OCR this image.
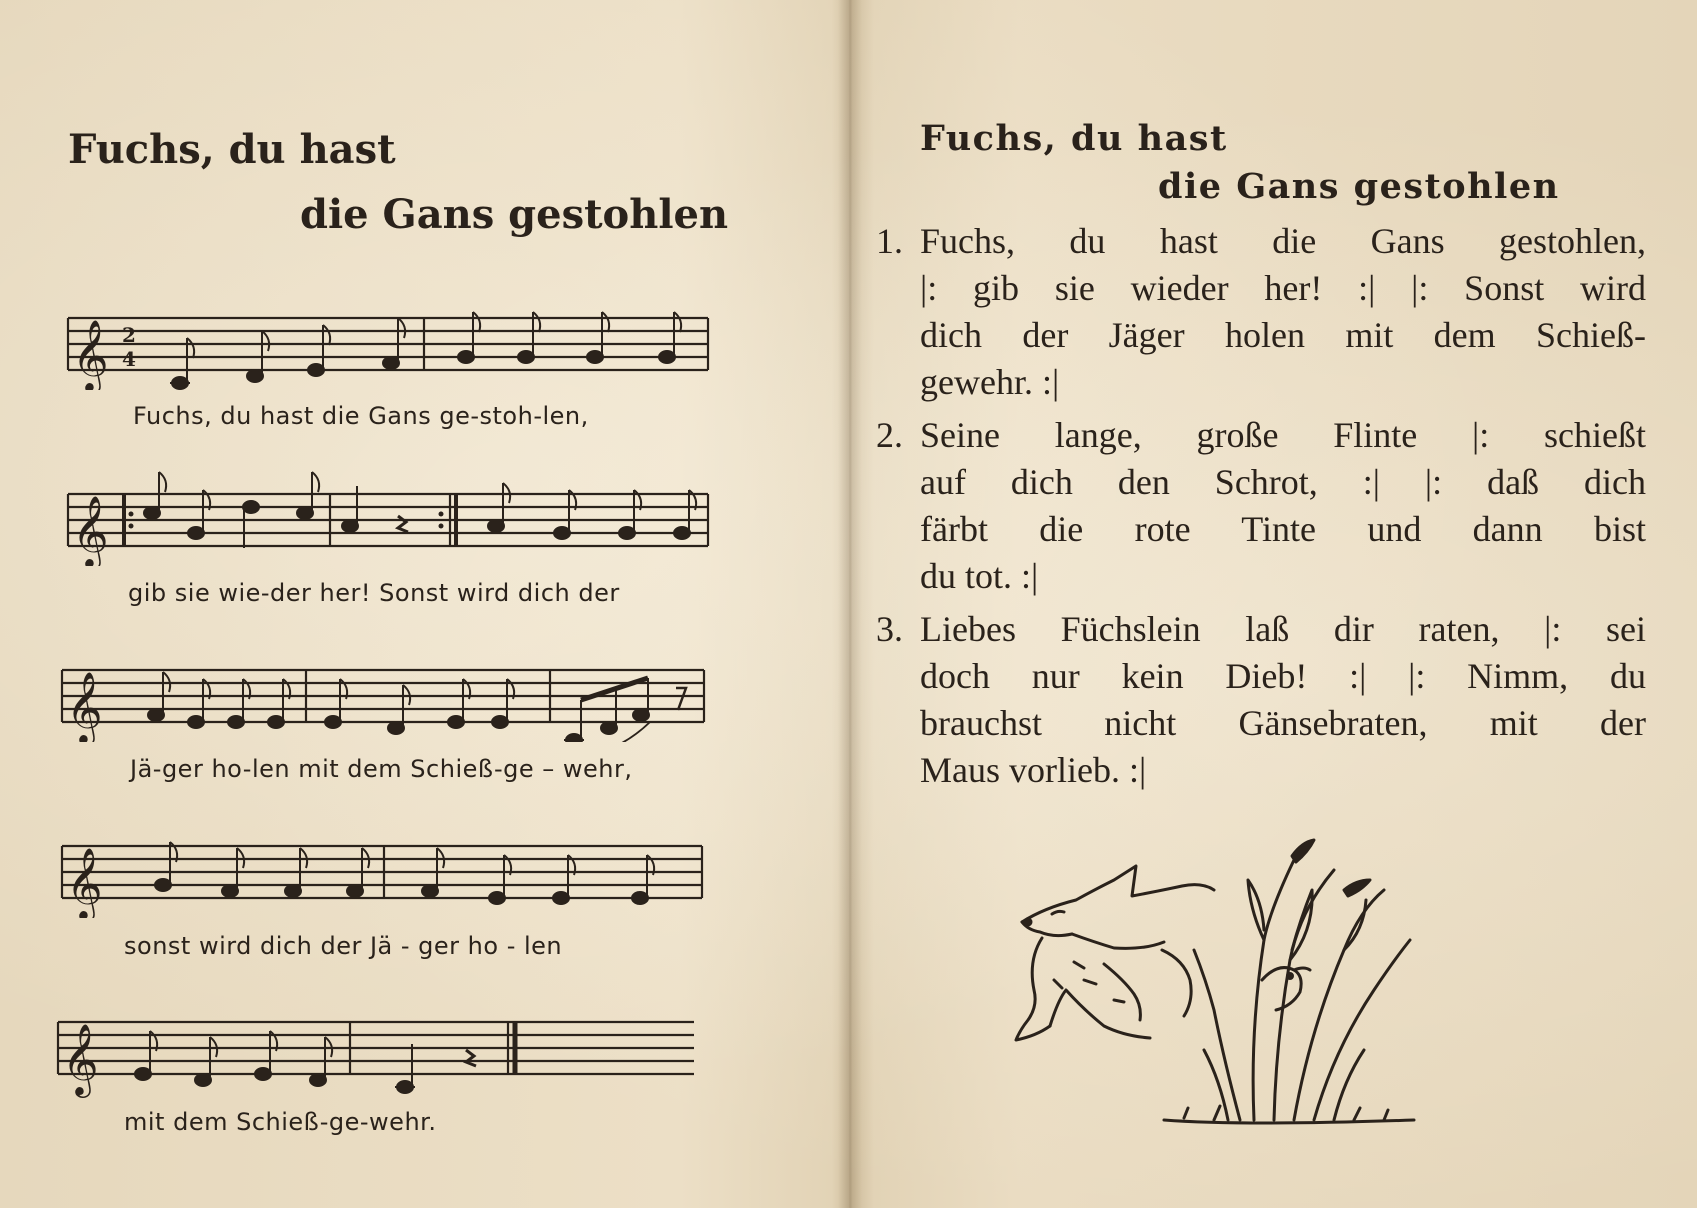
Fuchs, du hast
die Gans gestohlen
𝄞 2
4
Fuchs, du hast die Gans ge-stoh-len,
𝄞
gib sie wie-der her! Sonst wird dich der
𝄞
Jä-ger ho-len mit dem Schieß-ge – wehr,
𝄞
sonst wird dich der Jä - ger ho - len
𝄞
mit dem Schieß-ge-wehr.
Fuchs, du hast
die Gans gestohlen
1. Fuchs, du hast die Gans gestohlen,
|: gib sie wieder her! :| |: Sonst wird
dich der Jäger holen mit dem Schieß-
gewehr. :|
2. Seine lange, große Flinte |: schießt
auf dich den Schrot, :| |: daß dich
färbt die rote Tinte und dann bist
du tot. :|
3. Liebes Füchslein laß dir raten, |: sei
doch nur kein Dieb! :| |: Nimm, du
brauchst nicht Gänsebraten, mit der
Maus vorlieb. :|
